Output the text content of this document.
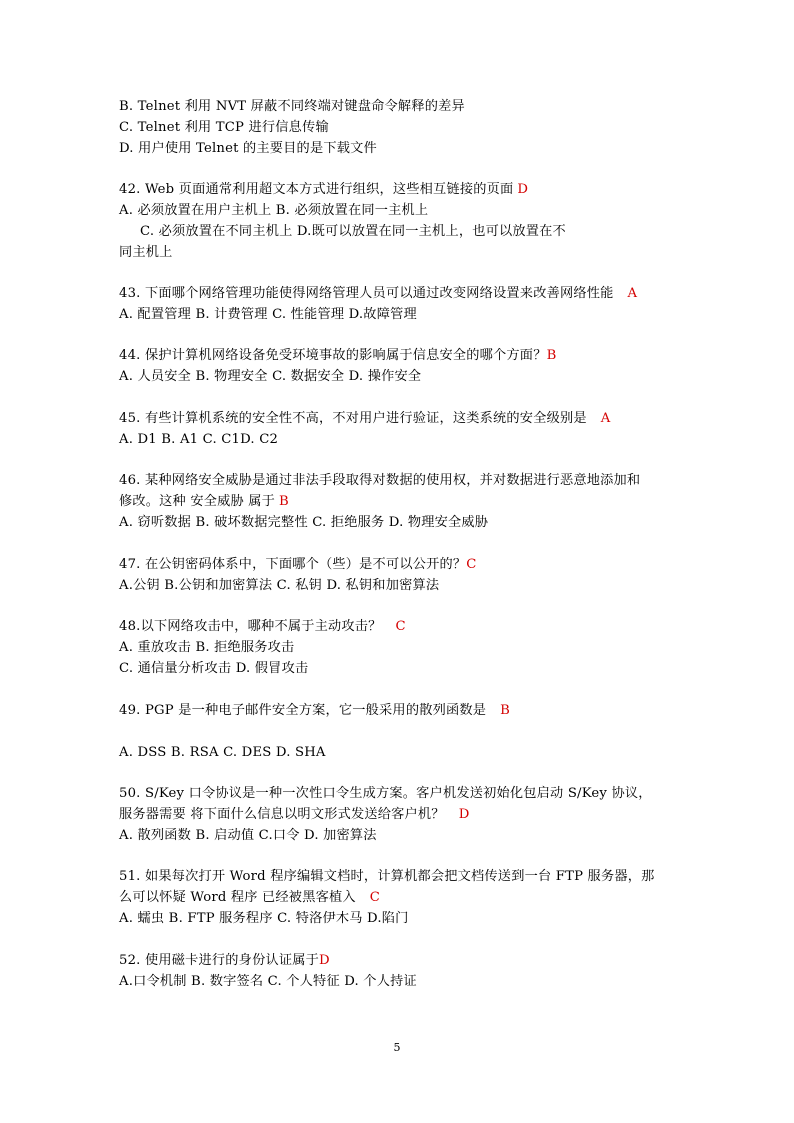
B. Telnet 利用 NVT 屏蔽不同终端对键盘命令解释的差异
C. Telnet 利用 TCP 进行信息传输
D. 用户使用 Telnet 的主要目的是下载文件
42. Web 页面通常利用超文本方式进行组织，这些相互链接的页面 D
A. 必须放置在用户主机上 B. 必须放置在同一主机上
C. 必须放置在不同主机上 D.既可以放置在同一主机上，也可以放置在不
同主机上
43. 下面哪个网络管理功能使得网络管理人员可以通过改变网络设置来改善网络性能 A
A. 配置管理 B. 计费管理 C. 性能管理 D.故障管理
44. 保护计算机网络设备免受环境事故的影响属于信息安全的哪个方面？B
A. 人员安全 B. 物理安全 C. 数据安全 D. 操作安全
45. 有些计算机系统的安全性不高，不对用户进行验证，这类系统的安全级别是 A
A. D1 B. A1 C. C1D. C2
46. 某种网络安全威胁是通过非法手段取得对数据的使用权，并对数据进行恶意地添加和
修改。这种 安全威胁 属于 B
A. 窃听数据 B. 破坏数据完整性 C. 拒绝服务 D. 物理安全威胁
47. 在公钥密码体系中，下面哪个（些）是不可以公开的？C
A.公钥 B.公钥和加密算法 C. 私钥 D. 私钥和加密算法
48.以下网络攻击中，哪种不属于主动攻击？ C
A. 重放攻击 B. 拒绝服务攻击
C. 通信量分析攻击 D. 假冒攻击
49. PGP 是一种电子邮件安全方案，它一般采用的散列函数是 B
A. DSS B. RSA C. DES D. SHA
50. S/Key 口令协议是一种一次性口令生成方案。客户机发送初始化包启动 S/Key 协议，
服务器需要 将下面什么信息以明文形式发送给客户机？ D
A. 散列函数 B. 启动值 C.口令 D. 加密算法
51. 如果每次打开 Word 程序编辑文档时，计算机都会把文档传送到一台 FTP 服务器，那
么可以怀疑 Word 程序 已经被黑客植入 C
A. 蠕虫 B. FTP 服务程序 C. 特洛伊木马 D.陷门
52. 使用磁卡进行的身份认证属于D
A.口令机制 B. 数字签名 C. 个人特征 D. 个人持证
5
